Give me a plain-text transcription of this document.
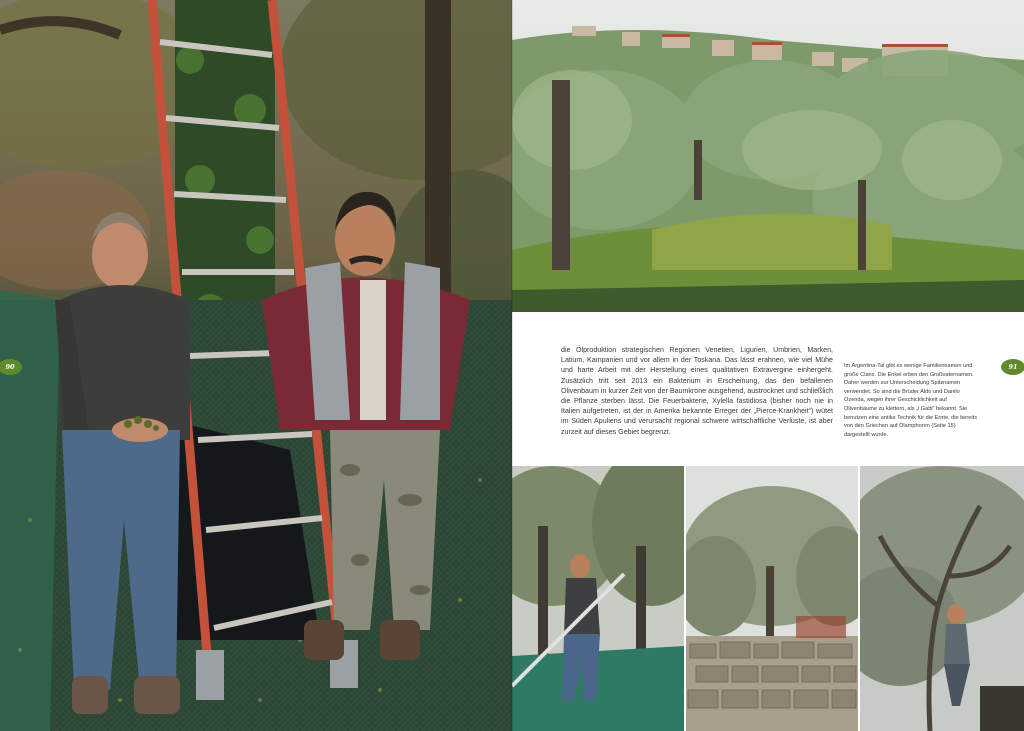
die Ölproduktion strategischen Regionen Venetien, Ligurien, Umbrien, Marken, Latium, Kampanien und vor allem in der Toskana. Das lässt erahnen, wie viel Mühe und harte Arbeit mit der Herstellung eines qualitativen Extravergine einhergeht. Zusätzlich tritt seit 2013 ein Bakterium in Erscheinung, das den befallenen Olivenbaum in kurzer Zeit von der Baumkrone ausgehend, austrocknet und schließlich die Pflanze sterben lässt. Die Feuerbakterie, Xylella fastidiosa (bisher noch nie in Italien aufgetreten, ist der in Amerika bekannte Erreger der „Pierce-Krankheit“) wütet im Süden Apuliens und verursacht regional schwere wirtschaftliche Verluste, ist aber zurzeit auf dieses Gebiet begrenzt.

Im Argentina-Tal gibt es wenige Familiennamen und große Clans. Die Enkel erben den Großvaternamen. Daher werden zur Unterscheidung Spitznamen verwendet. So sind die Brüder Aldo und Danilo Ozenda, wegen ihrer Geschicklichkeit auf Olivenbäume zu klettern, als „i Gatti“ bekannt. Sie benutzen eine antike Technik für die Ernte, die bereits von den Griechen auf Ölamphoren (Seite 15) dargestellt wurde.

90	91
